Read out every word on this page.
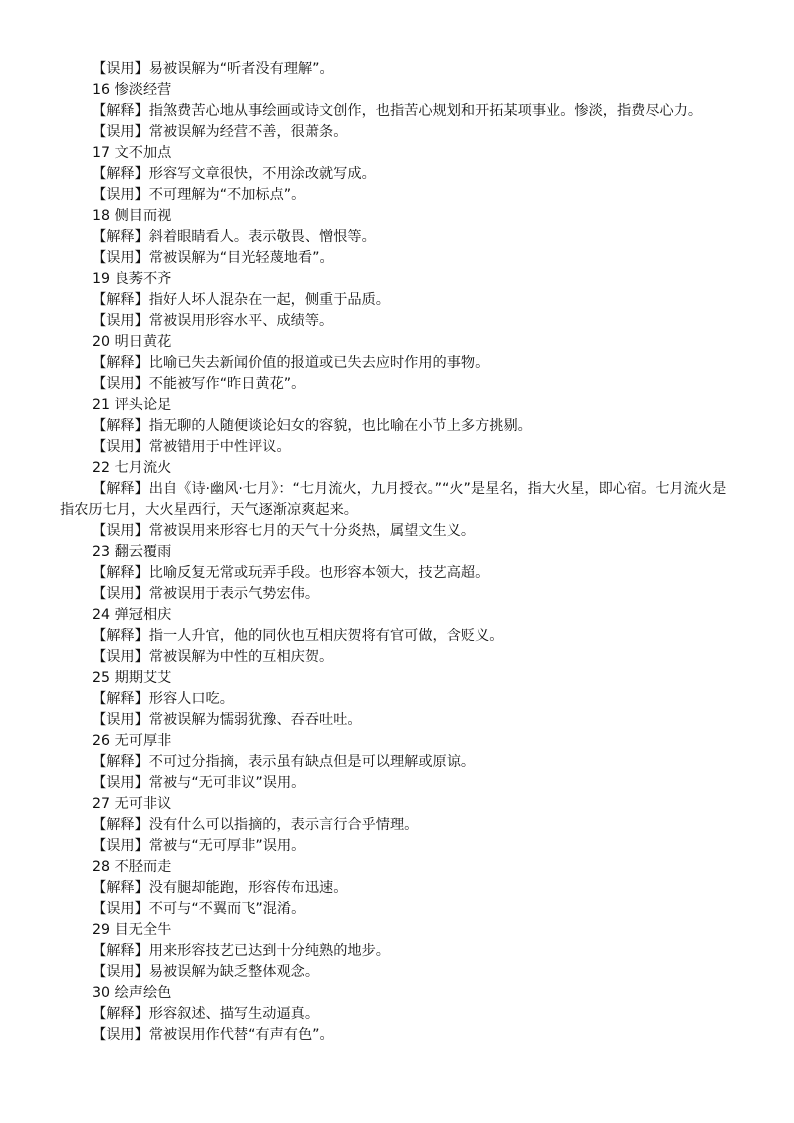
【误用】易被误解为“听者没有理解”。
16 惨淡经营
【解释】指煞费苦心地从事绘画或诗文创作，也指苦心规划和开拓某项事业。惨淡，指费尽心力。
【误用】常被误解为经营不善，很萧条。
17 文不加点
【解释】形容写文章很快，不用涂改就写成。
【误用】不可理解为“不加标点”。
18 侧目而视
【解释】斜着眼睛看人。表示敬畏、憎恨等。
【误用】常被误解为“目光轻蔑地看”。
19 良莠不齐
【解释】指好人坏人混杂在一起，侧重于品质。
【误用】常被误用形容水平、成绩等。
20 明日黄花
【解释】比喻已失去新闻价值的报道或已失去应时作用的事物。
【误用】不能被写作“昨日黄花”。
21 评头论足
【解释】指无聊的人随便谈论妇女的容貌，也比喻在小节上多方挑剔。
【误用】常被错用于中性评议。
22 七月流火
【解释】出自《诗·幽风·七月》：“七月流火，九月授衣。”“火”是星名，指大火星，即心宿。七月流火是指农历七月，大火星西行，天气逐渐凉爽起来。
【误用】常被误用来形容七月的天气十分炎热，属望文生义。
23 翻云覆雨
【解释】比喻反复无常或玩弄手段。也形容本领大，技艺高超。
【误用】常被误用于表示气势宏伟。
24 弹冠相庆
【解释】指一人升官，他的同伙也互相庆贺将有官可做，含贬义。
【误用】常被误解为中性的互相庆贺。
25 期期艾艾
【解释】形容人口吃。
【误用】常被误解为懦弱犹豫、吞吞吐吐。
26 无可厚非
【解释】不可过分指摘，表示虽有缺点但是可以理解或原谅。
【误用】常被与“无可非议”误用。
27 无可非议
【解释】没有什么可以指摘的，表示言行合乎情理。
【误用】常被与“无可厚非”误用。
28 不胫而走
【解释】没有腿却能跑，形容传布迅速。
【误用】不可与“不翼而飞”混淆。
29 目无全牛
【解释】用来形容技艺已达到十分纯熟的地步。
【误用】易被误解为缺乏整体观念。
30 绘声绘色
【解释】形容叙述、描写生动逼真。
【误用】常被误用作代替“有声有色”。
